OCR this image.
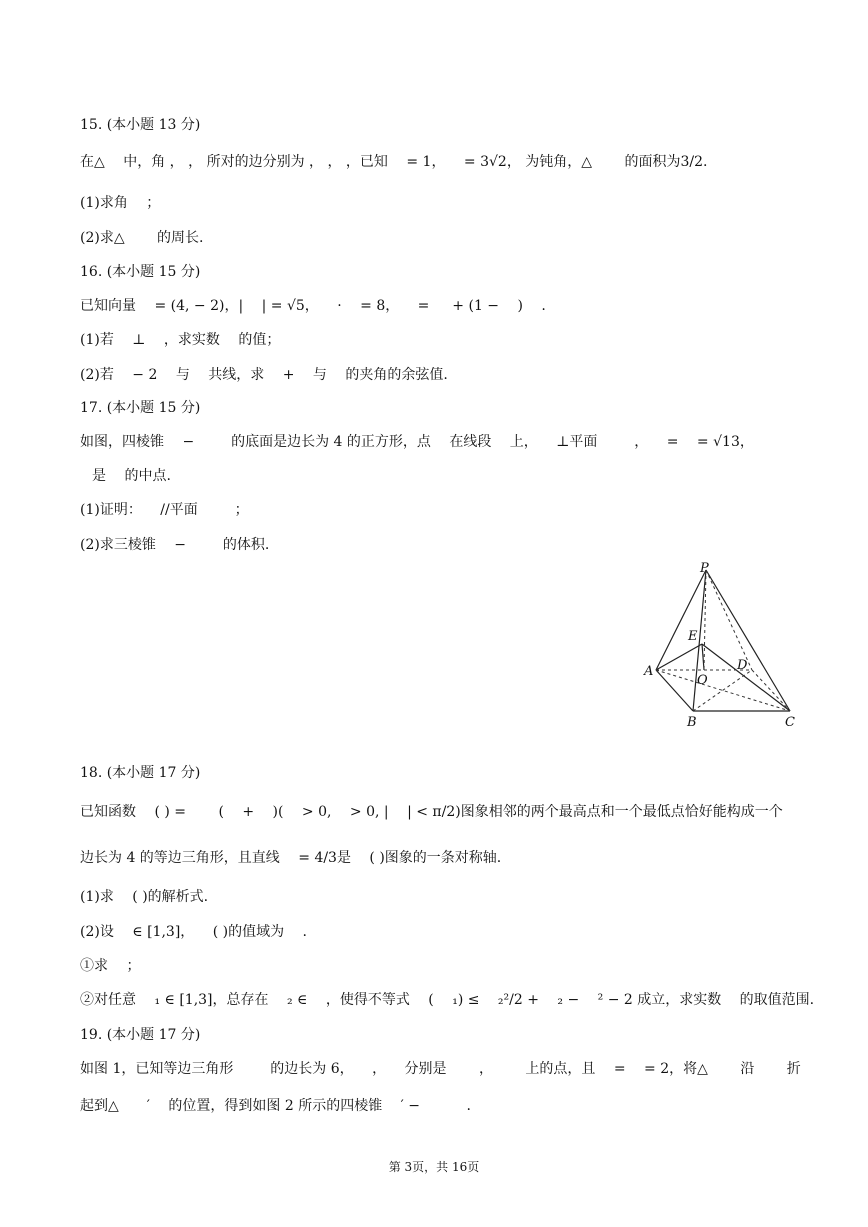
15. (本小题 13 分)
在△　 中，角 ， ， 所对的边分别为 ， ， ，已知 　= 1， 　= 3√2， 为钝角，△　　 的面积为3/2.
(1)求角 　；
(2)求△　　 的周长.
16. (本小题 15 分)
已知向量 　= (4, − 2)，| 　| = √5， 　· 　= 8， 　= 　 + (1 − 　) 　.
(1)若 　⊥ 　，求实数 　的值；
(2)若 　− 2 　与 　共线，求 　+ 　与 　的夹角的余弦值.
17. (本小题 15 分)
如图，四棱锥 　− 　　 的底面是边长为 4 的正方形，点 　在线段 　上， 　⊥平面 　　 ， 　= 　= √13，
是 　的中点.
(1)证明： 　//平面 　　 ；
(2)求三棱锥 　− 　　 的体积.
P
E
A
O
D
B	C
18. (本小题 17 分)
已知函数 　( ) = 　　( 　+ 　)( 　> 0, 　> 0, | 　| < π/2)图象相邻的两个最高点和一个最低点恰好能构成一个
边长为 4 的等边三角形，且直线 　= 4/3是 　( )图象的一条对称轴.
(1)求 　( )的解析式.
(2)设 　∈ [1,3]， 　( )的值域为 　.
①求 　；
②对任意 　₁ ∈ [1,3]，总存在 　₂ ∈ 　，使得不等式 　( 　₁) ≤ 　₂²/2 + 　₂ − 　² − 2 成立，求实数 　的取值范围.
19. (本小题 17 分)
如图 1，已知等边三角形 　　 的边长为 6， 　， 　分别是 　　， 　　上的点，且 　= 　= 2，将△　　 沿 　　折
起到△　　′ 　的位置，得到如图 2 所示的四棱锥 　′ − 　　　.
第 3页，共 16页
